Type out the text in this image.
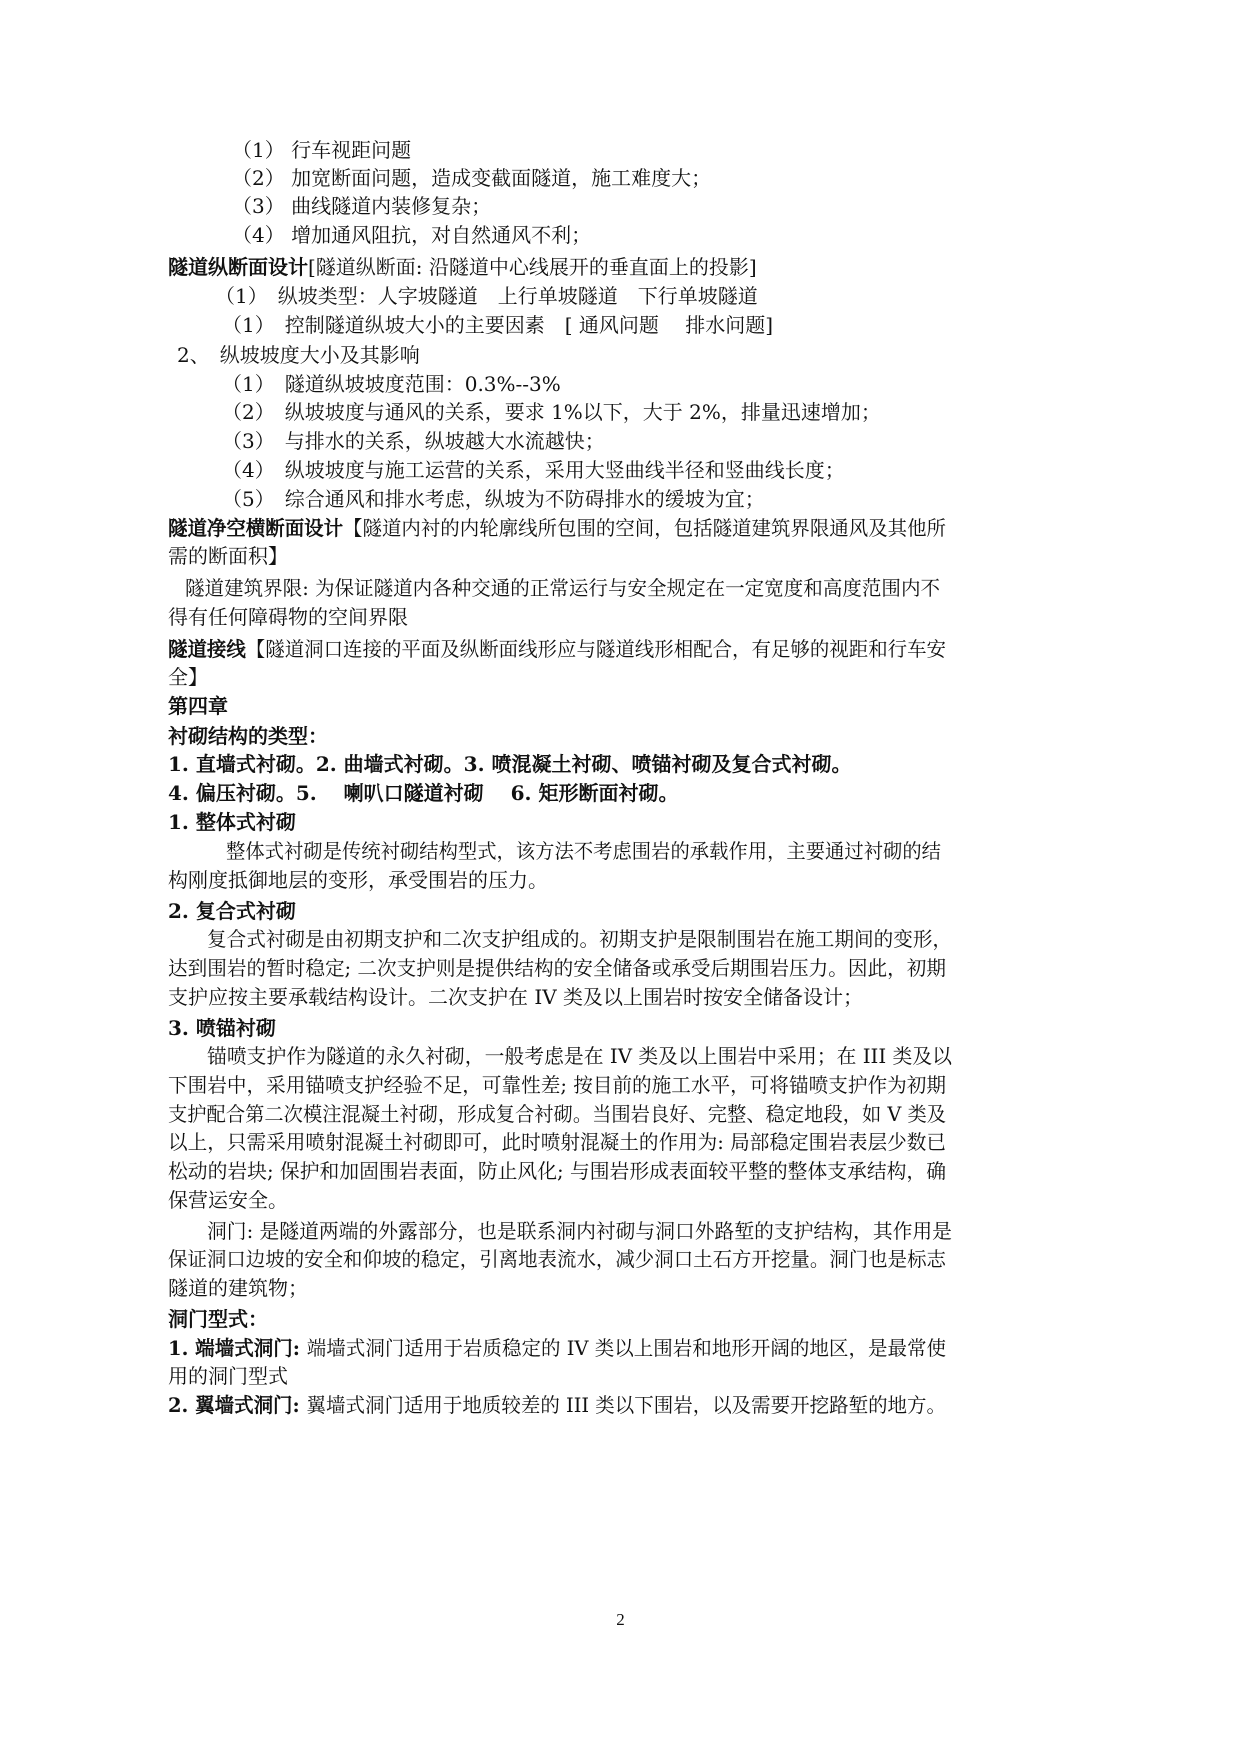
（1） 行车视距问题
（2） 加宽断面问题，造成变截面隧道，施工难度大；
（3） 曲线隧道内装修复杂；
（4） 增加通风阻抗，对自然通风不利；
隧道纵断面设计[隧道纵断面: 沿隧道中心线展开的垂直面上的投影]
（1）　纵坡类型：人字坡隧道　上行单坡隧道　下行单坡隧道
（1）　控制隧道纵坡大小的主要因素　[ 通风问题　 排水问题]
2、　纵坡坡度大小及其影响
（1）　隧道纵坡坡度范围：0.3%--3%
（2）　纵坡坡度与通风的关系，要求 1%以下，大于 2%，排量迅速增加；
（3）　与排水的关系，纵坡越大水流越快；
（4）　纵坡坡度与施工运营的关系，采用大竖曲线半径和竖曲线长度；
（5）　综合通风和排水考虑，纵坡为不防碍排水的缓坡为宜；
隧道净空横断面设计【隧道内衬的内轮廓线所包围的空间，包括隧道建筑界限通风及其他所
需的断面积】
隧道建筑界限: 为保证隧道内各种交通的正常运行与安全规定在一定宽度和高度范围内不
得有任何障碍物的空间界限
隧道接线【隧道洞口连接的平面及纵断面线形应与隧道线形相配合，有足够的视距和行车安
全】
第四章
衬砌结构的类型：
1. 直墙式衬砌。2. 曲墙式衬砌。3. 喷混凝土衬砌、喷锚衬砌及复合式衬砌。
4. 偏压衬砌。5.　 喇叭口隧道衬砌　 6. 矩形断面衬砌。
1. 整体式衬砌
整体式衬砌是传统衬砌结构型式，该方法不考虑围岩的承载作用，主要通过衬砌的结
构刚度抵御地层的变形，承受围岩的压力。
2. 复合式衬砌
复合式衬砌是由初期支护和二次支护组成的。初期支护是限制围岩在施工期间的变形，
达到围岩的暂时稳定; 二次支护则是提供结构的安全储备或承受后期围岩压力。因此，初期
支护应按主要承载结构设计。二次支护在 IV 类及以上围岩时按安全储备设计；
3. 喷锚衬砌
锚喷支护作为隧道的永久衬砌，一般考虑是在 IV 类及以上围岩中采用；在 III 类及以
下围岩中，采用锚喷支护经验不足，可靠性差; 按目前的施工水平，可将锚喷支护作为初期
支护配合第二次模注混凝土衬砌，形成复合衬砌。当围岩良好、完整、稳定地段，如 V 类及
以上，只需采用喷射混凝土衬砌即可，此时喷射混凝土的作用为: 局部稳定围岩表层少数已
松动的岩块; 保护和加固围岩表面，防止风化; 与围岩形成表面较平整的整体支承结构，确
保营运安全。
洞门: 是隧道两端的外露部分，也是联系洞内衬砌与洞口外路堑的支护结构，其作用是
保证洞口边坡的安全和仰坡的稳定，引离地表流水，减少洞口土石方开挖量。洞门也是标志
隧道的建筑物；
洞门型式：
1. 端墙式洞门: 端墙式洞门适用于岩质稳定的 IV 类以上围岩和地形开阔的地区，是最常使
用的洞门型式
2. 翼墙式洞门: 翼墙式洞门适用于地质较差的 III 类以下围岩，以及需要开挖路堑的地方。
2
